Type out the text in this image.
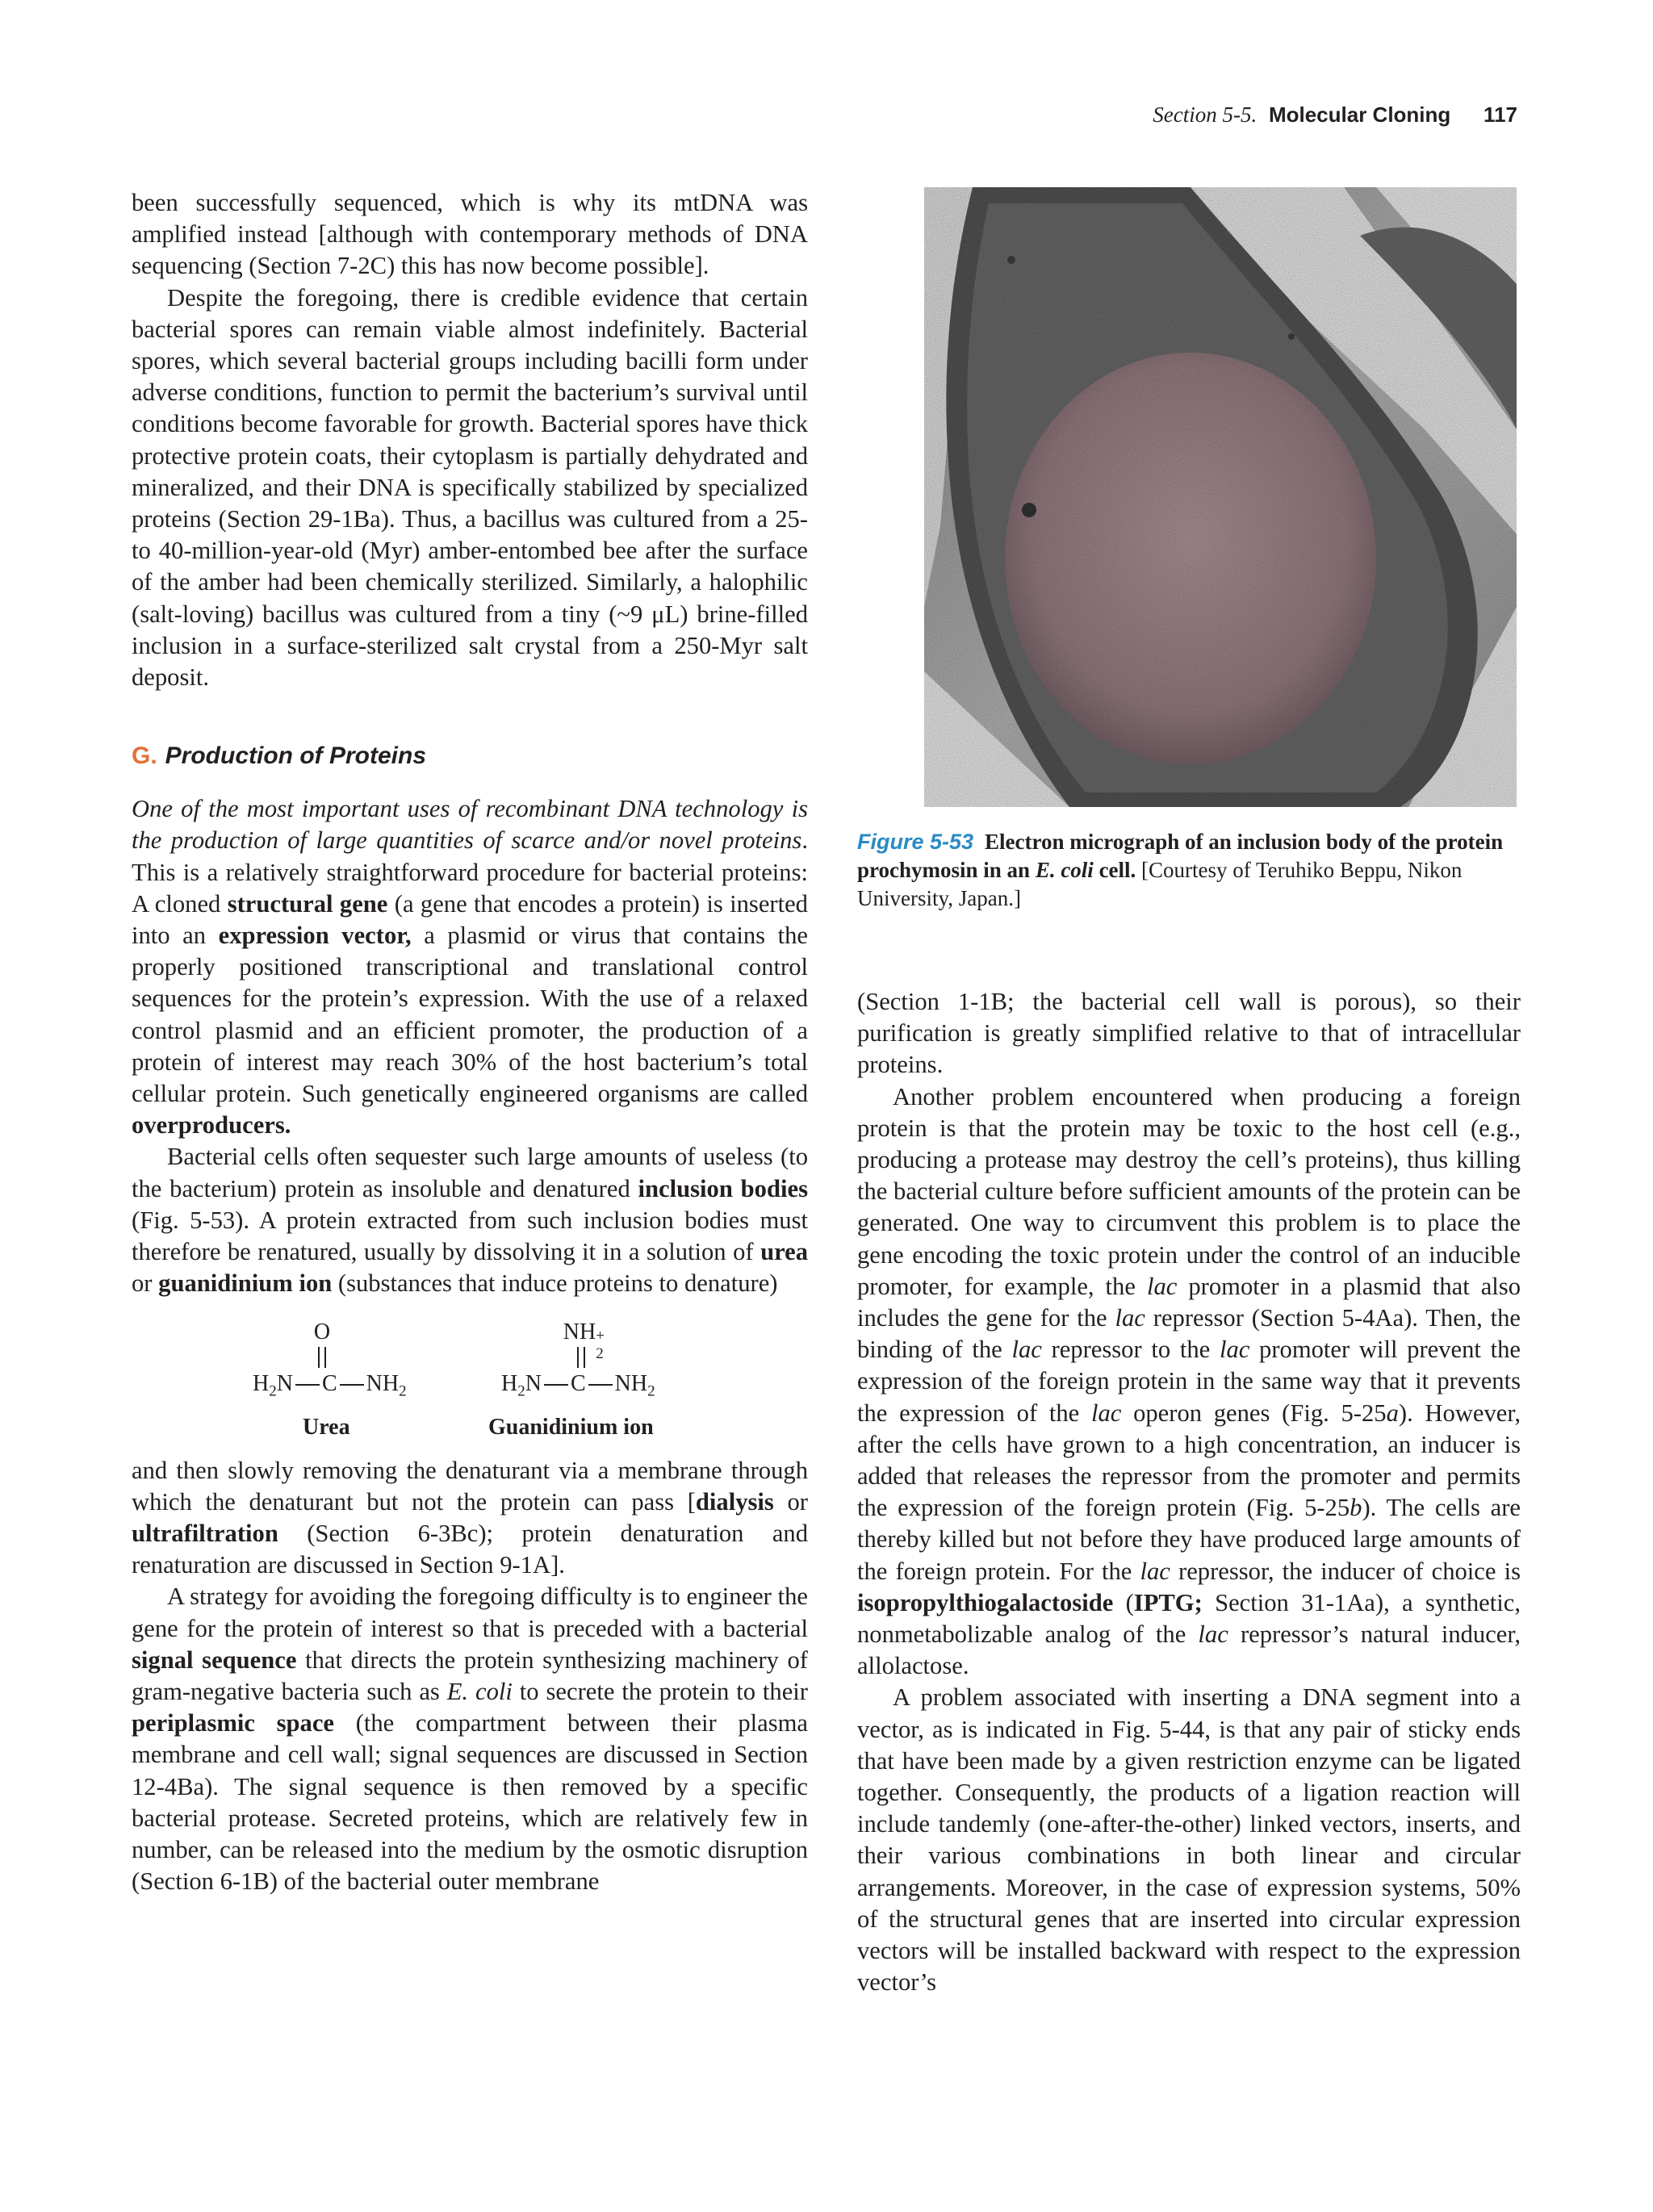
Section 5-5. Molecular Cloning 117

been successfully sequenced, which is why its mtDNA was amplified instead [although with contemporary methods of DNA sequencing (Section 7-2C) this has now become possible].

Despite the foregoing, there is credible evidence that certain bacterial spores can remain viable almost indefinitely. Bacterial spores, which several bacterial groups including bacilli form under adverse conditions, function to permit the bacterium’s survival until conditions become favorable for growth. Bacterial spores have thick protective protein coats, their cytoplasm is partially dehydrated and mineralized, and their DNA is specifically stabilized by specialized proteins (Section 29-1Ba). Thus, a bacillus was cultured from a 25- to 40-million-year-old (Myr) amber-entombed bee after the surface of the amber had been chemically sterilized. Similarly, a halophilic (salt-loving) bacillus was cultured from a tiny (~9 μL) brine-filled inclusion in a surface-sterilized salt crystal from a 250-Myr salt deposit.

G. Production of Proteins

One of the most important uses of recombinant DNA technology is the production of large quantities of scarce and/or novel proteins. This is a relatively straightforward procedure for bacterial proteins: A cloned structural gene (a gene that encodes a protein) is inserted into an expression vector, a plasmid or virus that contains the properly positioned transcriptional and translational control sequences for the protein’s expression. With the use of a relaxed control plasmid and an efficient promoter, the production of a protein of interest may reach 30% of the host bacterium’s total cellular protein. Such genetically engineered organisms are called overproducers.

Bacterial cells often sequester such large amounts of useless (to the bacterium) protein as insoluble and denatured inclusion bodies (Fig. 5-53). A protein extracted from such inclusion bodies must therefore be renatured, usually by dissolving it in a solution of urea or guanidinium ion (substances that induce proteins to denature)

O
$H_2N$ C $NH_2$
Urea
NH +
2
$H_2N$ C $NH_2$
Guanidinium ion

and then slowly removing the denaturant via a membrane through which the denaturant but not the protein can pass [dialysis or ultrafiltration (Section 6-3Bc); protein denaturation and renaturation are discussed in Section 9-1A].

A strategy for avoiding the foregoing difficulty is to engineer the gene for the protein of interest so that is preceded with a bacterial signal sequence that directs the protein synthesizing machinery of gram-negative bacteria such as E. coli to secrete the protein to their periplasmic space (the compartment between their plasma membrane and cell wall; signal sequences are discussed in Section 12-4Ba). The signal sequence is then removed by a specific bacterial protease. Secreted proteins, which are relatively few in number, can be released into the medium by the osmotic disruption (Section 6-1B) of the bacterial outer membrane

Figure 5-53 Electron micrograph of an inclusion body of the protein prochymosin in an E. coli cell. [Courtesy of Teruhiko Beppu, Nikon University, Japan.]

(Section 1-1B; the bacterial cell wall is porous), so their purification is greatly simplified relative to that of intracellular proteins.

Another problem encountered when producing a foreign protein is that the protein may be toxic to the host cell (e.g., producing a protease may destroy the cell’s proteins), thus killing the bacterial culture before sufficient amounts of the protein can be generated. One way to circumvent this problem is to place the gene encoding the toxic protein under the control of an inducible promoter, for example, the lac promoter in a plasmid that also includes the gene for the lac repressor (Section 5-4Aa). Then, the binding of the lac repressor to the lac promoter will prevent the expression of the foreign protein in the same way that it prevents the expression of the lac operon genes (Fig. 5-25a). However, after the cells have grown to a high concentration, an inducer is added that releases the repressor from the promoter and permits the expression of the foreign protein (Fig. 5-25b). The cells are thereby killed but not before they have produced large amounts of the foreign protein. For the lac repressor, the inducer of choice is isopropylthiogalactoside (IPTG; Section 31-1Aa), a synthetic, nonmetabolizable analog of the lac repressor’s natural inducer, allolactose.

A problem associated with inserting a DNA segment into a vector, as is indicated in Fig. 5-44, is that any pair of sticky ends that have been made by a given restriction enzyme can be ligated together. Consequently, the products of a ligation reaction will include tandemly (one-after-the-other) linked vectors, inserts, and their various combinations in both linear and circular arrangements. Moreover, in the case of expression systems, 50% of the structural genes that are inserted into circular expression vectors will be installed backward with respect to the expression vector’s
